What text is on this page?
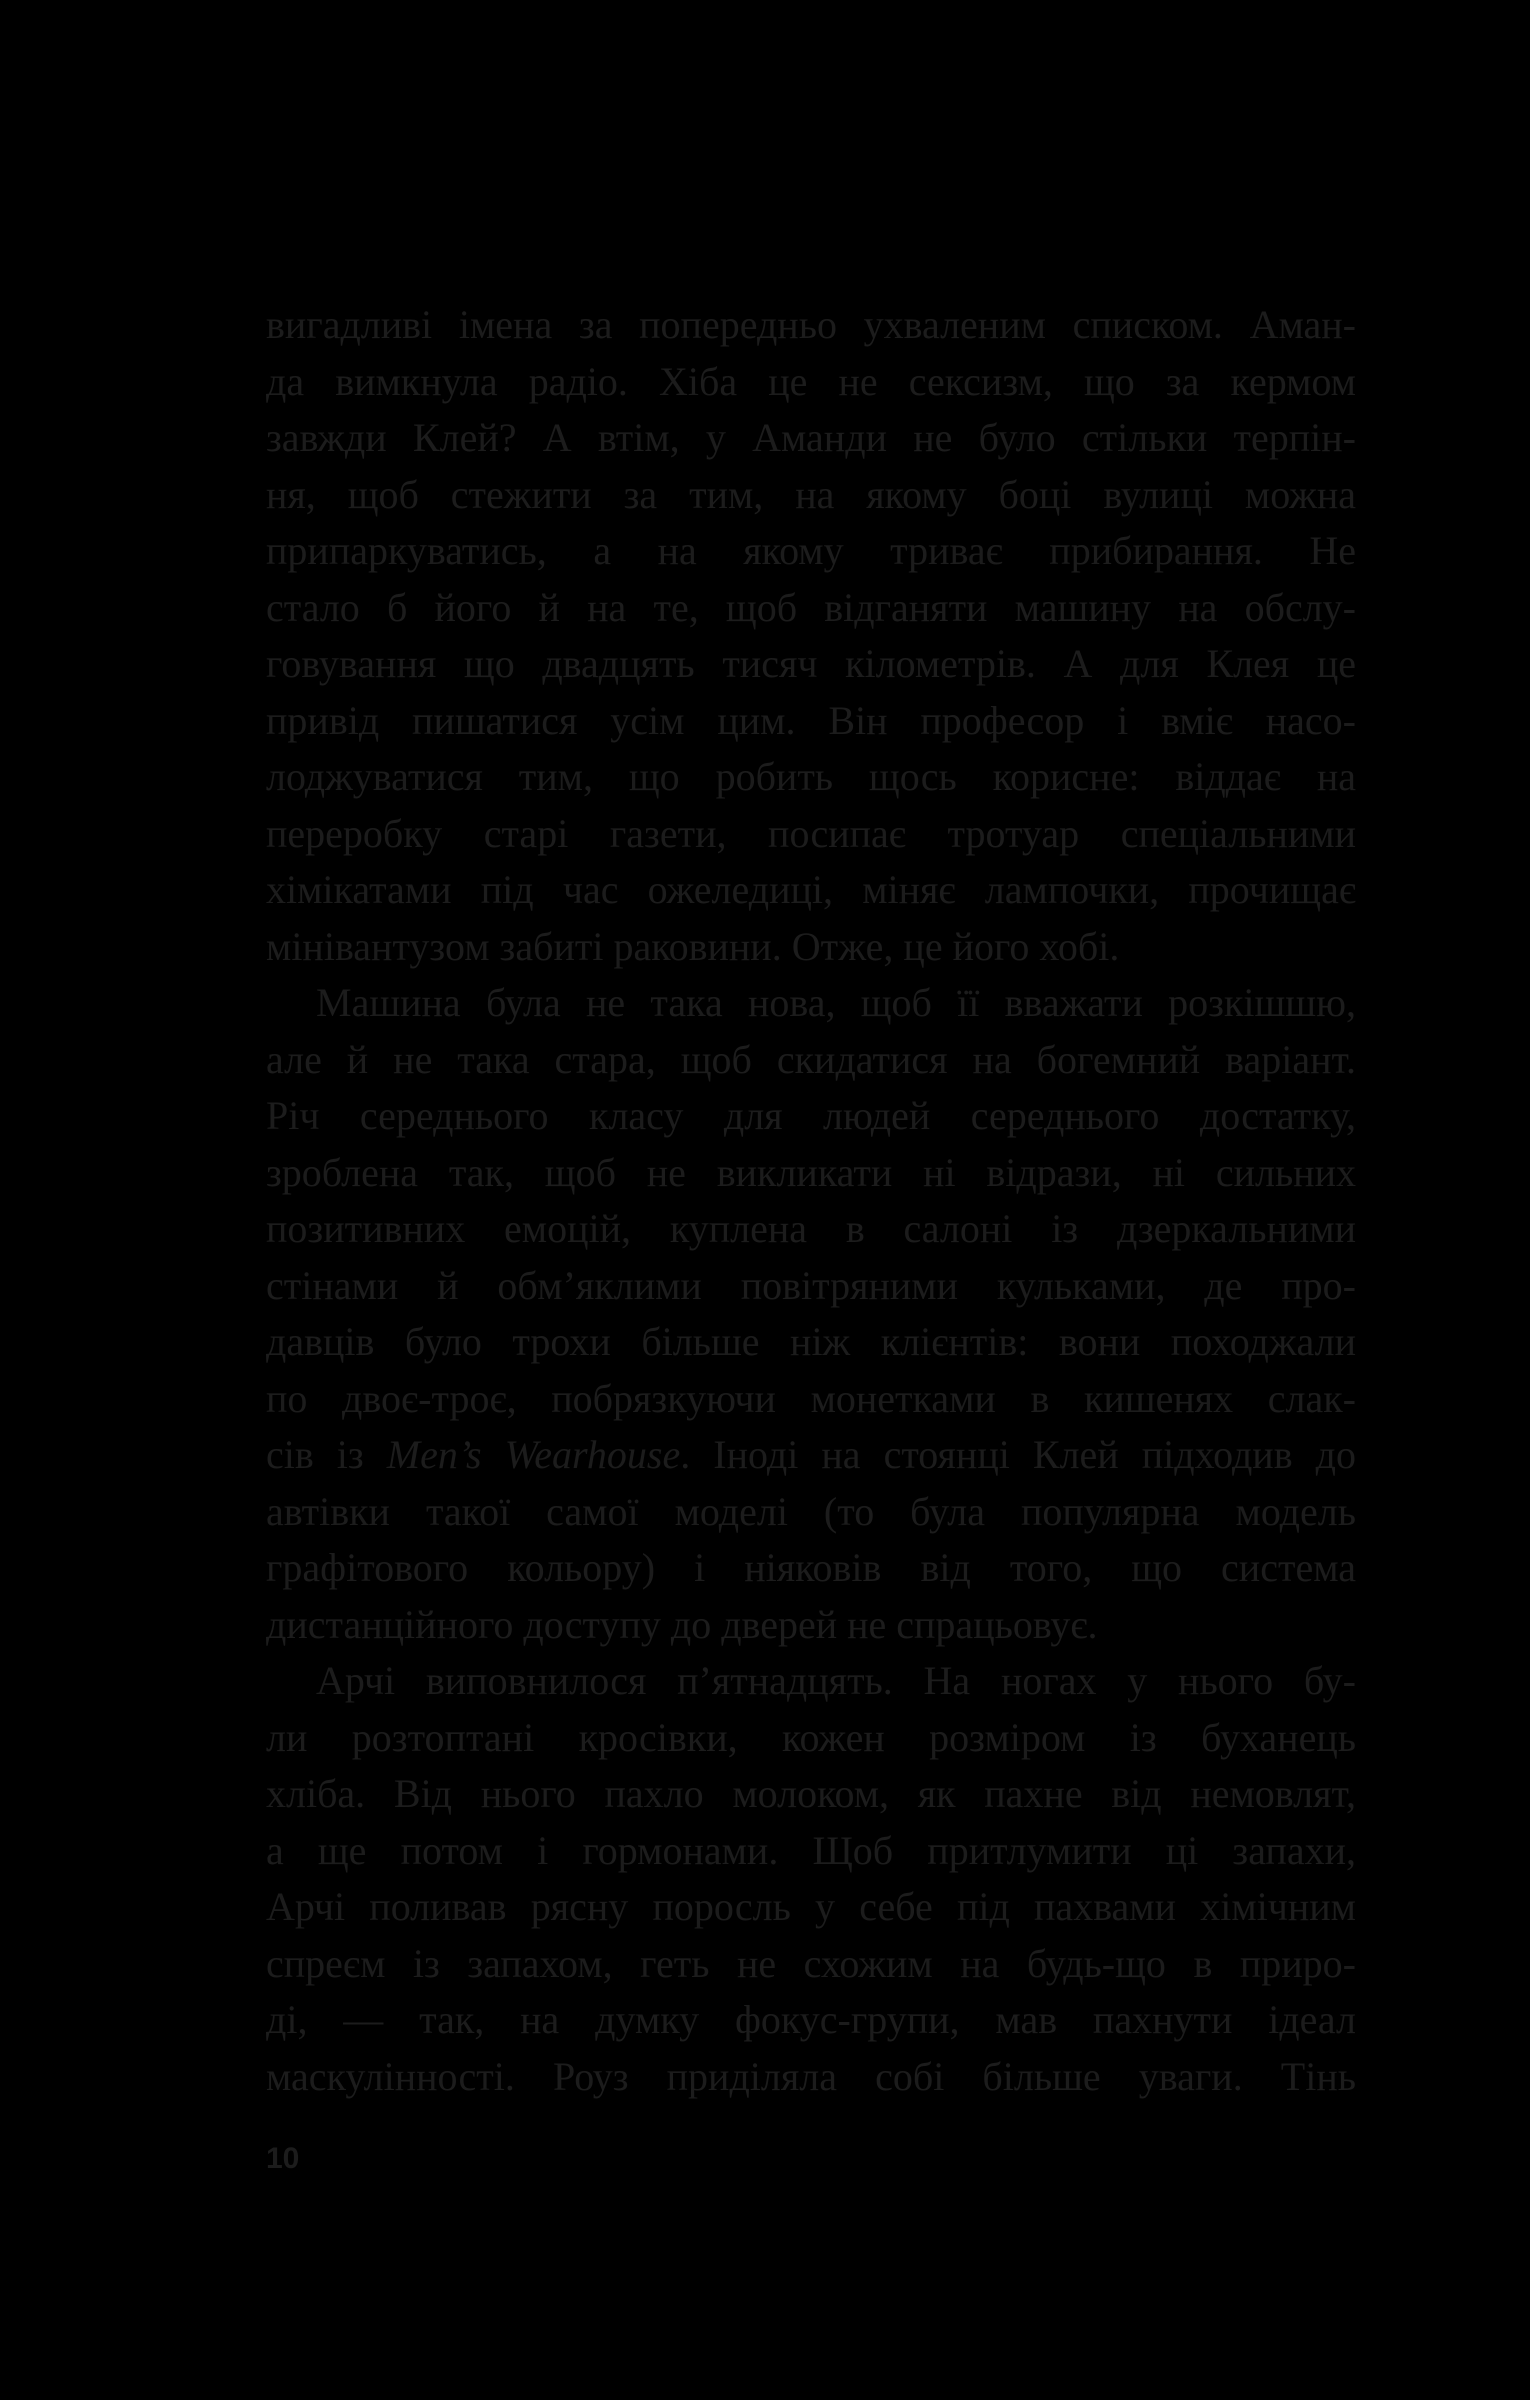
вигадливі імена за попередньо ухваленим списком. Аман-
да вимкнула радіо. Хіба це не сексизм, що за кермом
завжди Клей? А втім, у Аманди не було стільки терпін-
ня, щоб стежити за тим, на якому боці вулиці можна
припаркуватись, а на якому триває прибирання. Не
стало б його й на те, щоб відганяти машину на обслу-
говування що двадцять тисяч кілометрів. А для Клея це
привід пишатися усім цим. Він професор і вміє насо-
лоджуватися тим, що робить щось корисне: віддає на
переробку старі газети, посипає тротуар спеціальними
хімікатами під час ожеледиці, міняє лампочки, прочищає
мінівантузом забиті раковини. Отже, це його хобі.
Машина була не така нова, щоб її вважати розкішшю,
але й не така стара, щоб скидатися на богемний варіант.
Річ середнього класу для людей середнього достатку,
зроблена так, щоб не викликати ні відрази, ні сильних
позитивних емоцій, куплена в салоні із дзеркальними
стінами й обм’яклими повітряними кульками, де про-
давців було трохи більше ніж клієнтів: вони походжали
по двоє-троє, побрязкуючи монетками в кишенях слак-
сів із Men’s Wearhouse. Іноді на стоянці Клей підходив до
автівки такої самої моделі (то була популярна модель
графітового кольору) і ніяковів від того, що система
дистанційного доступу до дверей не спрацьовує.
Арчі виповнилося п’ятнадцять. На ногах у нього бу-
ли розтоптані кросівки, кожен розміром із буханець
хліба. Від нього пахло молоком, як пахне від немовлят,
а ще потом і гормонами. Щоб притлумити ці запахи,
Арчі поливав рясну поросль у себе під пахвами хімічним
спреєм із запахом, геть не схожим на будь-що в приро-
ді, — так, на думку фокус-групи, мав пахнути ідеал
маскулінності. Роуз приділяла собі більше уваги. Тінь
10
